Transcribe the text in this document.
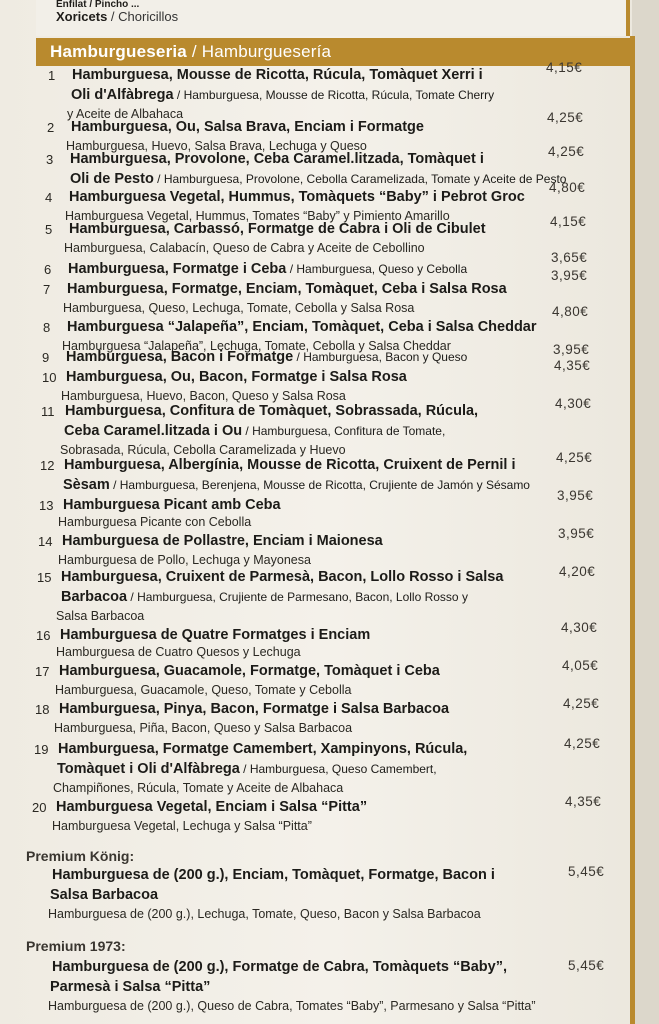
Enfilat / Pincho ...
Xoricets / Choricillos
Hamburgueseria / Hamburguesería
1 Hamburguesa, Mousse de Ricotta, Rúcula, Tomàquet Xerri i
Oli d'Alfàbrega / Hamburguesa, Mousse de Ricotta, Rúcula, Tomate Cherry
y Aceite de Albahaca
4,15€
2 Hamburguesa, Ou, Salsa Brava, Enciam i Formatge
Hamburguesa, Huevo, Salsa Brava, Lechuga y Queso
4,25€
3 Hamburguesa, Provolone, Ceba Caramel.litzada, Tomàquet i
Oli de Pesto / Hamburguesa, Provolone, Cebolla Caramelizada, Tomate y Aceite de Pesto
4,25€
4 Hamburguesa Vegetal, Hummus, Tomàquets “Baby” i Pebrot Groc
Hamburguesa Vegetal, Hummus, Tomates “Baby” y Pimiento Amarillo
4,80€
5 Hamburguesa, Carbassó, Formatge de Cabra i Oli de Cibulet
Hamburguesa, Calabacín, Queso de Cabra y Aceite de Cebollino
4,15€
6 Hamburguesa, Formatge i Ceba / Hamburguesa, Queso y Cebolla
3,65€
7 Hamburguesa, Formatge, Enciam, Tomàquet, Ceba i Salsa Rosa
Hamburguesa, Queso, Lechuga, Tomate, Cebolla y Salsa Rosa
3,95€
8 Hamburguesa “Jalapeña”, Enciam, Tomàquet, Ceba i Salsa Cheddar
Hamburguesa “Jalapeña”, Lechuga, Tomate, Cebolla y Salsa Cheddar
4,80€
9 Hamburguesa, Bacon i Formatge / Hamburguesa, Bacon y Queso	3,95€
10 Hamburguesa, Ou, Bacon, Formatge i Salsa Rosa
Hamburguesa, Huevo, Bacon, Queso y Salsa Rosa
4,35€
11 Hamburguesa, Confitura de Tomàquet, Sobrassada, Rúcula,
Ceba Caramel.litzada i Ou / Hamburguesa, Confitura de Tomate,
Sobrasada, Rúcula, Cebolla Caramelizada y Huevo
4,30€
12 Hamburguesa, Albergínia, Mousse de Ricotta, Cruixent de Pernil i
Sèsam / Hamburguesa, Berenjena, Mousse de Ricotta, Crujiente de Jamón y Sésamo
4,25€
13 Hamburguesa Picant amb Ceba
Hamburguesa Picante con Cebolla
3,95€
14 Hamburguesa de Pollastre, Enciam i Maionesa
Hamburguesa de Pollo, Lechuga y Mayonesa
3,95€
15 Hamburguesa, Cruixent de Parmesà, Bacon, Lollo Rosso i Salsa
Barbacoa / Hamburguesa, Crujiente de Parmesano, Bacon, Lollo Rosso y
Salsa Barbacoa
4,20€
16 Hamburguesa de Quatre Formatges i Enciam
Hamburguesa de Cuatro Quesos y Lechuga
4,30€
17 Hamburguesa, Guacamole, Formatge, Tomàquet i Ceba
Hamburguesa, Guacamole, Queso, Tomate y Cebolla
4,05€
18 Hamburguesa, Pinya, Bacon, Formatge i Salsa Barbacoa
Hamburguesa, Piña, Bacon, Queso y Salsa Barbacoa
4,25€
19 Hamburguesa, Formatge Camembert, Xampinyons, Rúcula,
Tomàquet i Oli d'Alfàbrega / Hamburguesa, Queso Camembert,
Champiñones, Rúcula, Tomate y Aceite de Albahaca
4,25€
20 Hamburguesa Vegetal, Enciam i Salsa “Pitta”
Hamburguesa Vegetal, Lechuga y Salsa “Pitta”
4,35€
Premium König:
Hamburguesa de (200 g.), Enciam, Tomàquet, Formatge, Bacon i
Salsa Barbacoa
Hamburguesa de (200 g.), Lechuga, Tomate, Queso, Bacon y Salsa Barbacoa
5,45€
Premium 1973:
Hamburguesa de (200 g.), Formatge de Cabra, Tomàquets “Baby”,
Parmesà i Salsa “Pitta”
Hamburguesa de (200 g.), Queso de Cabra, Tomates “Baby”, Parmesano y Salsa “Pitta”
5,45€
